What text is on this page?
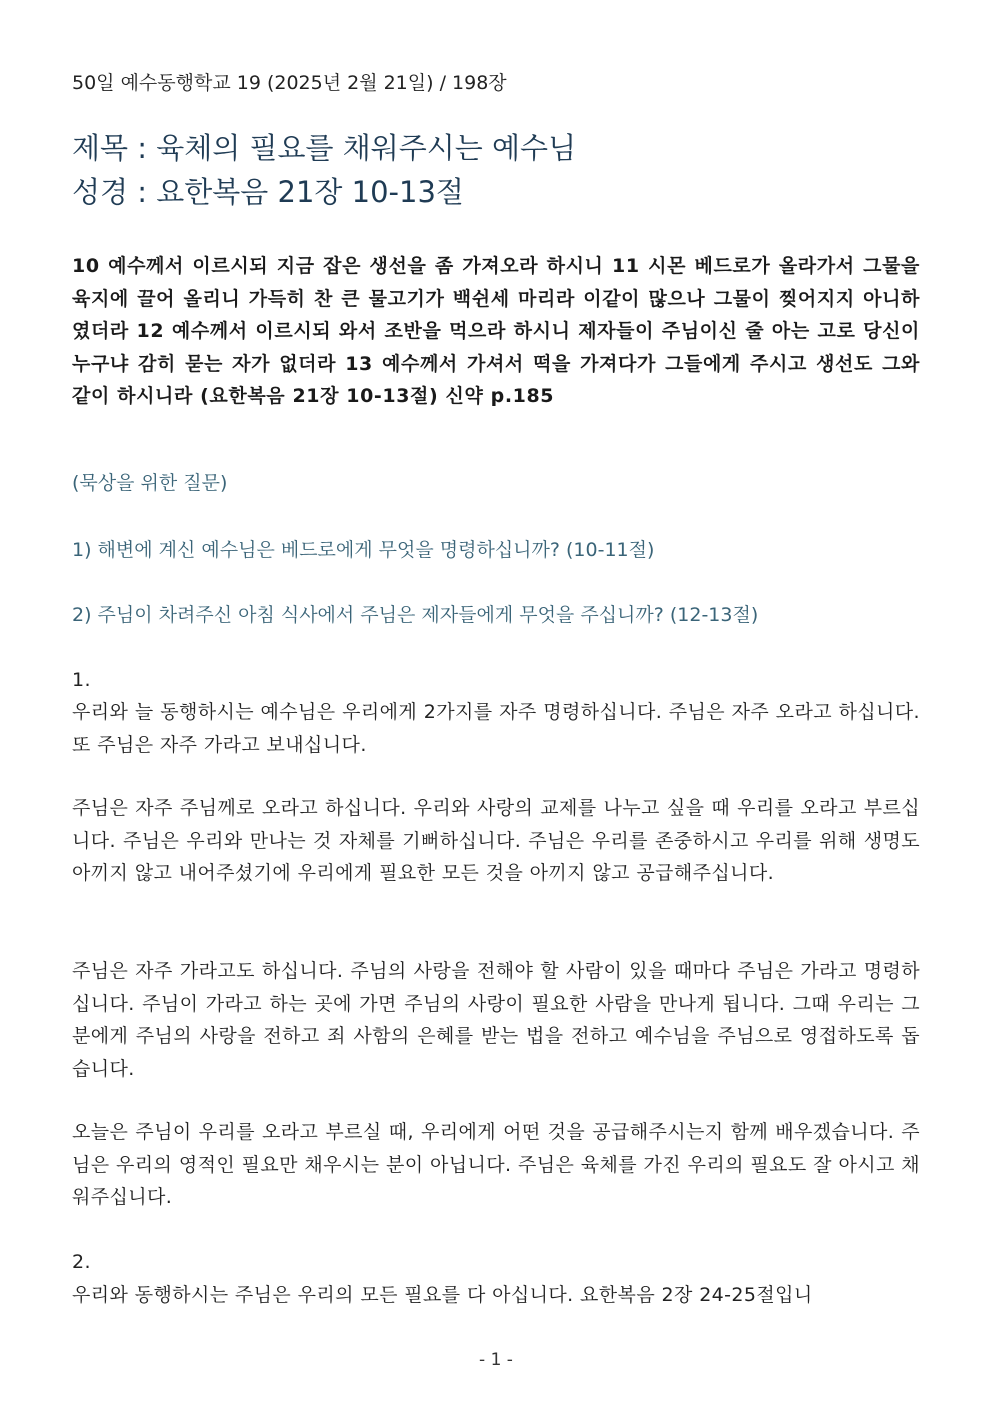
50일 예수동행학교 19 (2025년 2월 21일) / 198장
제목 : 육체의 필요를 채워주시는 예수님
성경 : 요한복음 21장 10-13절
10 예수께서 이르시되 지금 잡은 생선을 좀 가져오라 하시니 11 시몬 베드로가 올라가서 그물을 육지에 끌어 올리니 가득히 찬 큰 물고기가 백쉰세 마리라 이같이 많으나 그물이 찢어지지 아니하였더라 12 예수께서 이르시되 와서 조반을 먹으라 하시니 제자들이 주님이신 줄 아는 고로 당신이 누구냐 감히 묻는 자가 없더라 13 예수께서 가셔서 떡을 가져다가 그들에게 주시고 생선도 그와 같이 하시니라 (요한복음 21장 10-13절) 신약 p.185
(묵상을 위한 질문)
1) 해변에 계신 예수님은 베드로에게 무엇을 명령하십니까? (10-11절)
2) 주님이 차려주신 아침 식사에서 주님은 제자들에게 무엇을 주십니까? (12-13절)
1.
우리와 늘 동행하시는 예수님은 우리에게 2가지를 자주 명령하십니다. 주님은 자주 오라고 하십니다. 또 주님은 자주 가라고 보내십니다.
주님은 자주 주님께로 오라고 하십니다. 우리와 사랑의 교제를 나누고 싶을 때 우리를 오라고 부르십니다. 주님은 우리와 만나는 것 자체를 기뻐하십니다. 주님은 우리를 존중하시고 우리를 위해 생명도 아끼지 않고 내어주셨기에 우리에게 필요한 모든 것을 아끼지 않고 공급해주십니다.
주님은 자주 가라고도 하십니다. 주님의 사랑을 전해야 할 사람이 있을 때마다 주님은 가라고 명령하십니다. 주님이 가라고 하는 곳에 가면 주님의 사랑이 필요한 사람을 만나게 됩니다. 그때 우리는 그분에게 주님의 사랑을 전하고 죄 사함의 은혜를 받는 법을 전하고 예수님을 주님으로 영접하도록 돕습니다.
오늘은 주님이 우리를 오라고 부르실 때, 우리에게 어떤 것을 공급해주시는지 함께 배우겠습니다. 주님은 우리의 영적인 필요만 채우시는 분이 아닙니다. 주님은 육체를 가진 우리의 필요도 잘 아시고 채워주십니다.
2.
우리와 동행하시는 주님은 우리의 모든 필요를 다 아십니다. 요한복음 2장 24-25절입니
- 1 -
